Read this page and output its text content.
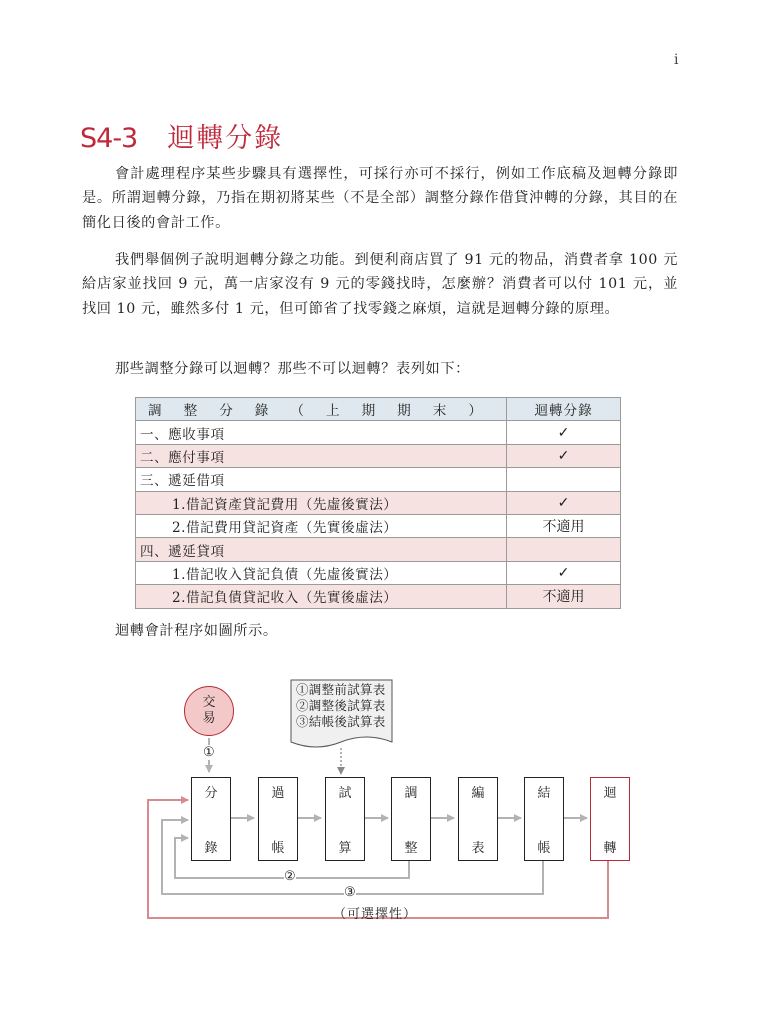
i
S4-3 迴轉分錄

會計處理程序某些步驟具有選擇性，可採行亦可不採行，例如工作底稿及迴轉分錄即是。所謂迴轉分錄，乃指在期初將某些（不是全部）調整分錄作借貸沖轉的分錄，其目的在簡化日後的會計工作。

我們舉個例子說明迴轉分錄之功能。到便利商店買了 91 元的物品，消費者拿 100 元給店家並找回 9 元，萬一店家沒有 9 元的零錢找時，怎麼辦？消費者可以付 101 元，並找回 10 元，雖然多付 1 元，但可節省了找零錢之麻煩，這就是迴轉分錄的原理。

那些調整分錄可以迴轉？那些不可以迴轉？表列如下：

調整分錄（上期期末）	迴轉分錄
一、應收事項	✓
二、應付事項	✓
三、遞延借項	
1.借記資產貸記費用（先虛後實法）	✓
2.借記費用貸記資產（先實後虛法）	不適用
四、遞延貸項	
1.借記收入貸記負債（先虛後實法）	✓
2.借記負債貸記收入（先實後虛法）	不適用
迴轉會計程序如圖所示。
交
易
①調整前試算表
②調整後試算表
③結帳後試算表
①
②
③
（可選擇性）
分
錄
過
帳
試
算
調
整
編
表
結
帳
迴
轉
